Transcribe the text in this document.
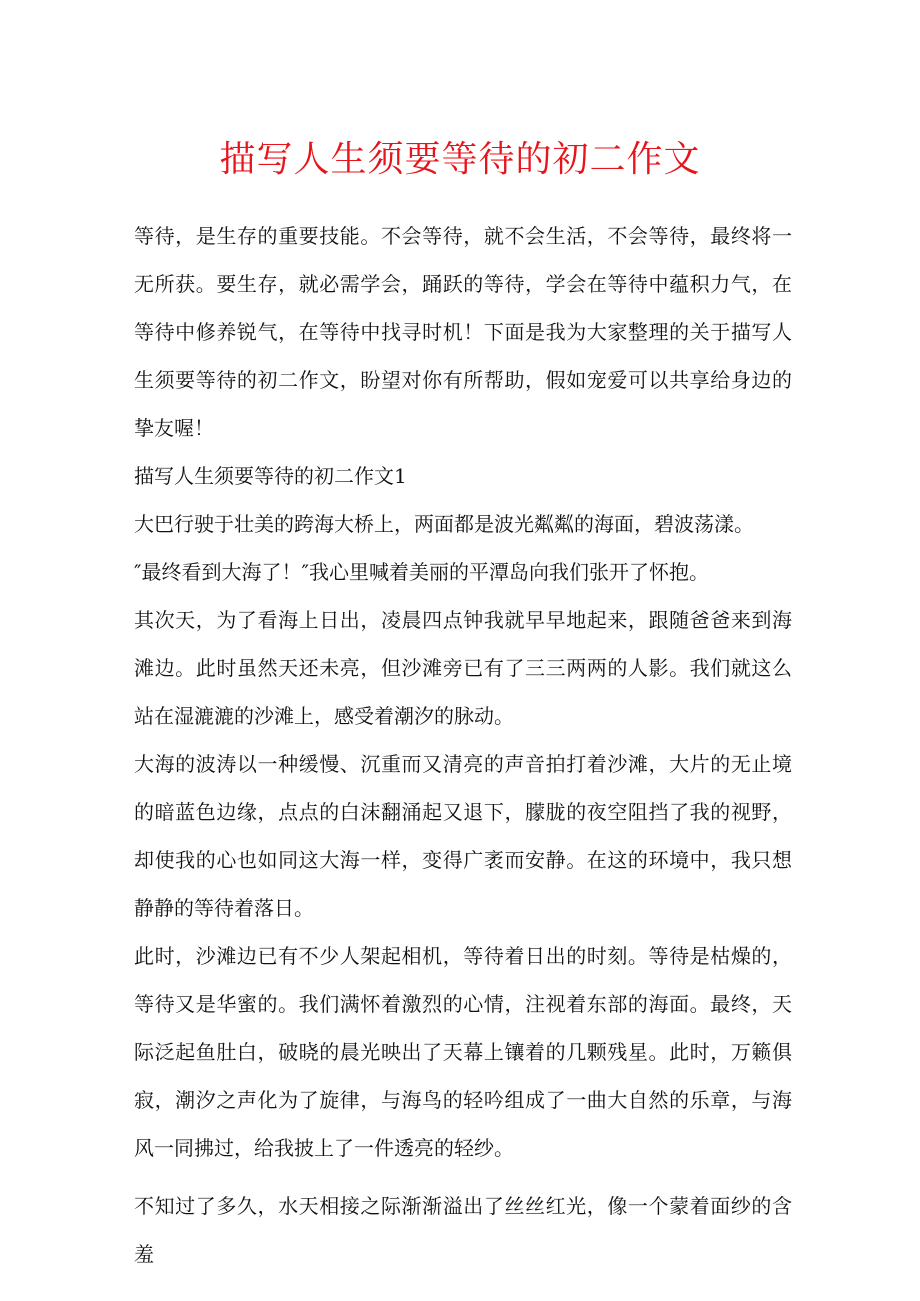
描写人生须要等待的初二作文

等待，是生存的重要技能。不会等待，就不会生活，不会等待，最终将一无所获。要生存，就必需学会，踊跃的等待，学会在等待中蕴积力气，在等待中修养锐气，在等待中找寻时机！下面是我为大家整理的关于描写人生须要等待的初二作文，盼望对你有所帮助，假如宠爱可以共享给身边的挚友喔！

描写人生须要等待的初二作文1

大巴行驶于壮美的跨海大桥上，两面都是波光粼粼的海面，碧波荡漾。

″最终看到大海了！″我心里喊着美丽的平潭岛向我们张开了怀抱。

其次天，为了看海上日出，凌晨四点钟我就早早地起来，跟随爸爸来到海滩边。此时虽然天还未亮，但沙滩旁已有了三三两两的人影。我们就这么站在湿漉漉的沙滩上，感受着潮汐的脉动。

大海的波涛以一种缓慢、沉重而又清亮的声音拍打着沙滩，大片的无止境的暗蓝色边缘，点点的白沫翻涌起又退下，朦胧的夜空阻挡了我的视野，却使我的心也如同这大海一样，变得广袤而安静。在这的环境中，我只想静静的等待着落日。

此时，沙滩边已有不少人架起相机，等待着日出的时刻。等待是枯燥的，等待又是华蜜的。我们满怀着激烈的心情，注视着东部的海面。最终，天际泛起鱼肚白，破晓的晨光映出了天幕上镶着的几颗残星。此时，万籁俱寂，潮汐之声化为了旋律，与海鸟的轻吟组成了一曲大自然的乐章，与海风一同拂过，给我披上了一件透亮的轻纱。

不知过了多久，水天相接之际渐渐溢出了丝丝红光，像一个蒙着面纱的含羞
